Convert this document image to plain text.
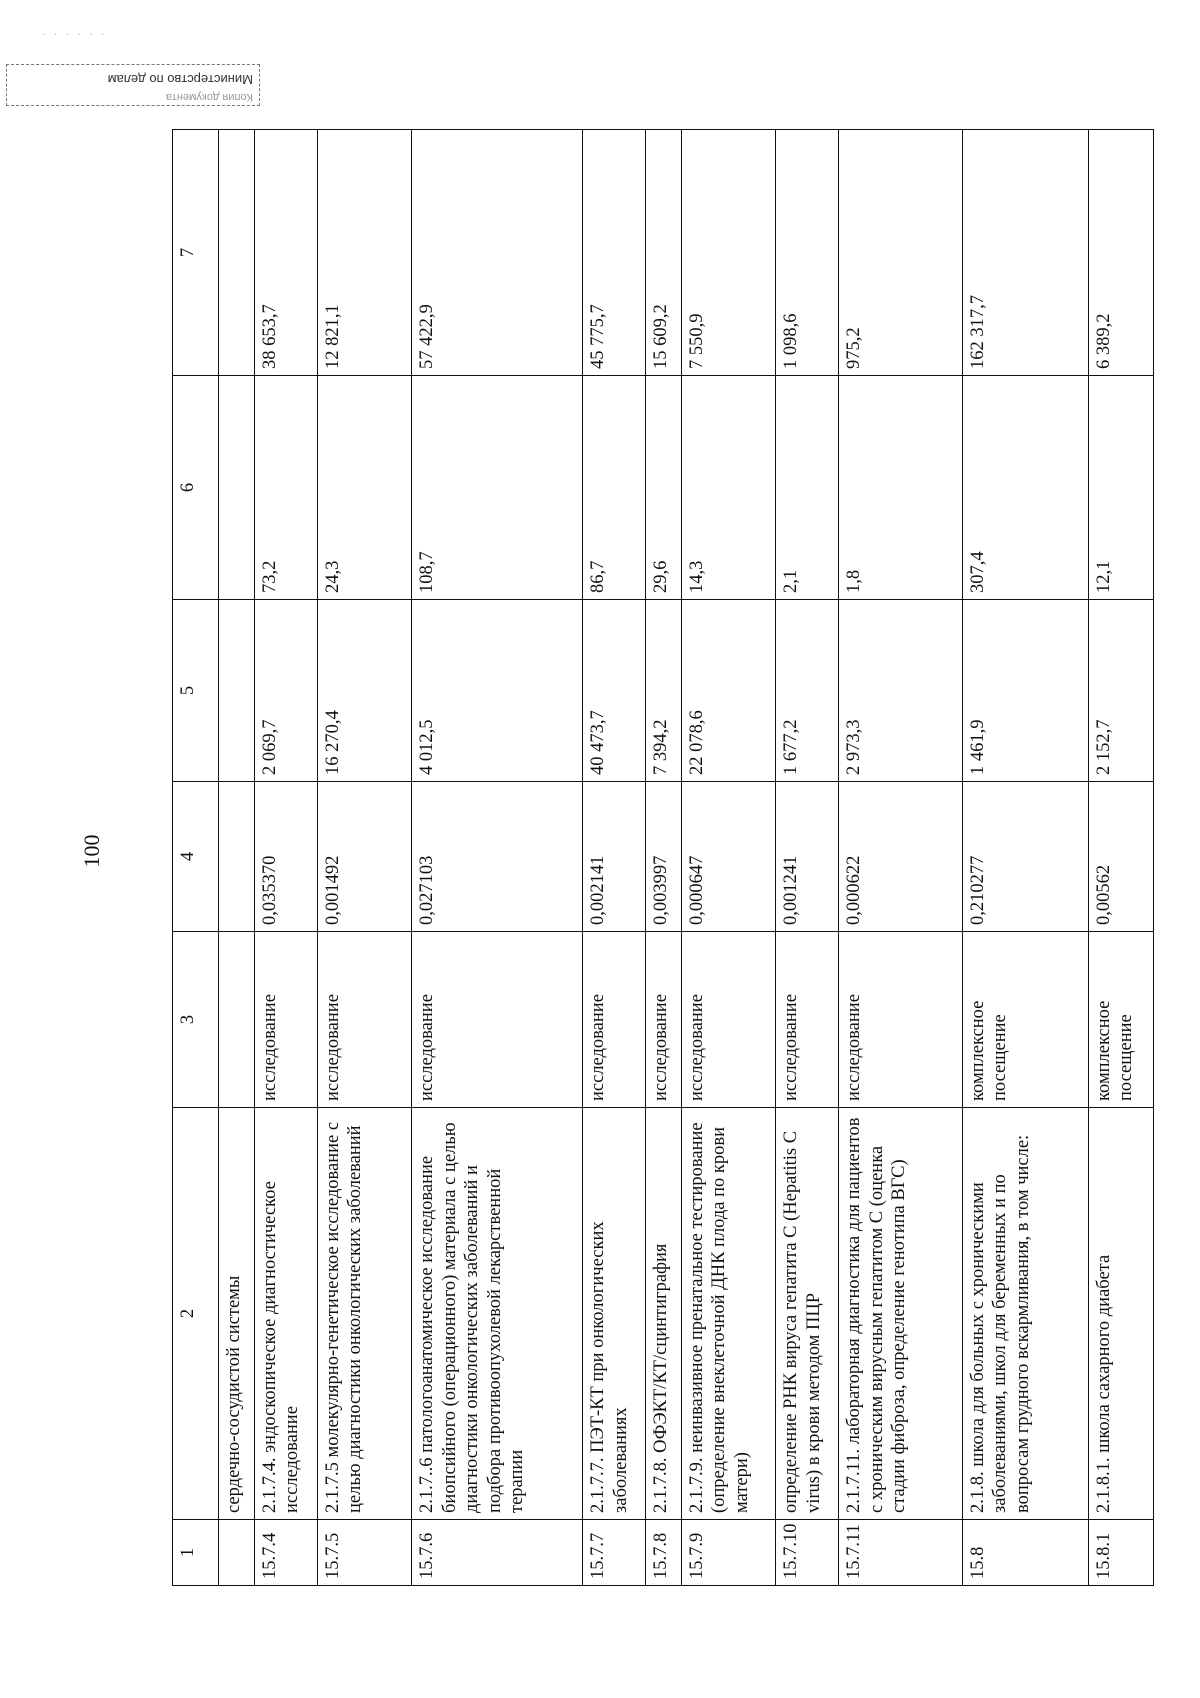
· · · · · ·
Копия документа
Министерство по делам
100
1	2	3	4	5	6	7
	сердечно-сосудистой системы					
15.7.4	2.1.7.4. эндоскопическое диагностическое исследование	исследование	0,035370	2 069,7	73,2	38 653,7
15.7.5	2.1.7.5 молекулярно-генетическое исследование с целью диагностики онкологических заболеваний	исследование	0,001492	16 270,4	24,3	12 821,1
15.7.6	2.1.7..6 патологоанатомическое исследование биопсийного (операционного) материала с целью диагностики онкологических заболеваний и подбора противоопухолевой лекарственной терапии	исследование	0,027103	4 012,5	108,7	57 422,9
15.7.7	2.1.7.7. ПЭТ-КТ при онкологических заболеваниях	исследование	0,002141	40 473,7	86,7	45 775,7
15.7.8	2.1.7.8. ОФЭКТ/КТ/сцинтиграфия	исследование	0,003997	7 394,2	29,6	15 609,2
15.7.9	2.1.7.9. неинвазивное пренатальное тестирование (определение внеклеточной ДНК плода по крови матери)	исследование	0,000647	22 078,6	14,3	7 550,9
15.7.10	определение РНК вируса гепатита С (Hepatitis C virus) в крови методом ПЦР	исследование	0,001241	1 677,2	2,1	1 098,6
15.7.11	2.1.7.11. лабораторная диагностика для пациентов с хроническим вирусным гепатитом С (оценка стадии фиброза, определение генотипа ВГС)	исследование	0,000622	2 973,3	1,8	975,2
15.8	2.1.8. школа для больных с хроническими заболеваниями, школ для беременных и по вопросам грудного вскармливания, в том числе:	комплексное посещение	0,210277	1 461,9	307,4	162 317,7
15.8.1	2.1.8.1. школа сахарного диабета	комплексное посещение	0,00562	2 152,7	12,1	6 389,2
